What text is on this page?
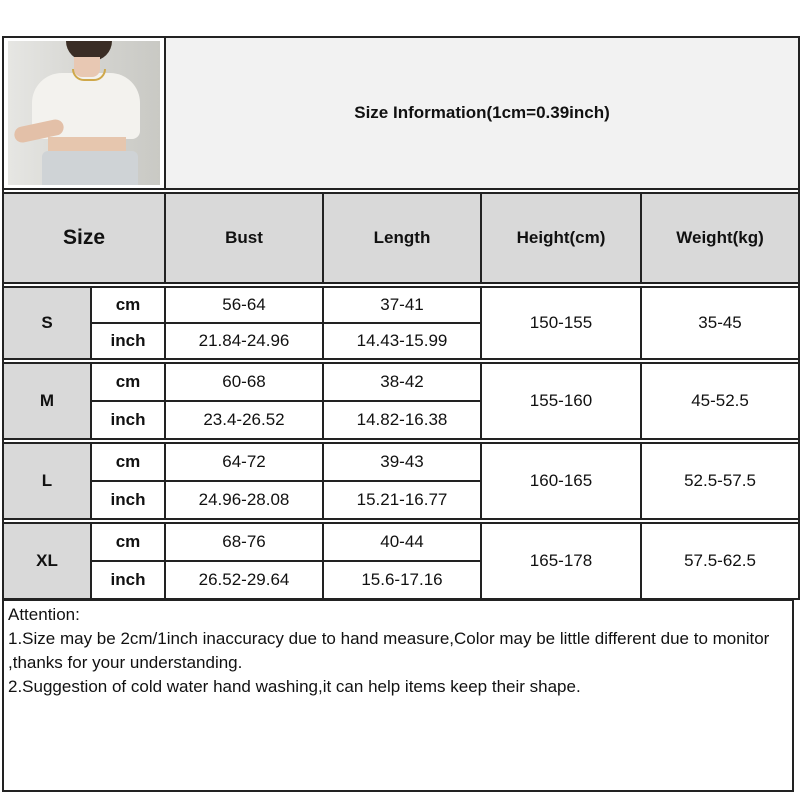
		Size Information(1cm=0.39inch)			

Size		Bust	Length	Height(cm)	Weight(kg)

S	cm	56-64	37-41	150-155	35-45
	inch	21.84-24.96	14.43-15.99		

M	cm	60-68	38-42	155-160	45-52.5
	inch	23.4-26.52	14.82-16.38		

L	cm	64-72	39-43	160-165	52.5-57.5
	inch	24.96-28.08	15.21-16.77		

XL	cm	68-76	40-44	165-178	57.5-62.5
	inch	26.52-29.64	15.6-17.16		
Attention:
1.Size may be 2cm/1inch inaccuracy due to hand measure,Color may be little different due to monitor ,thanks for your understanding.
2.Suggestion of cold water hand washing,it can help items keep their shape.
